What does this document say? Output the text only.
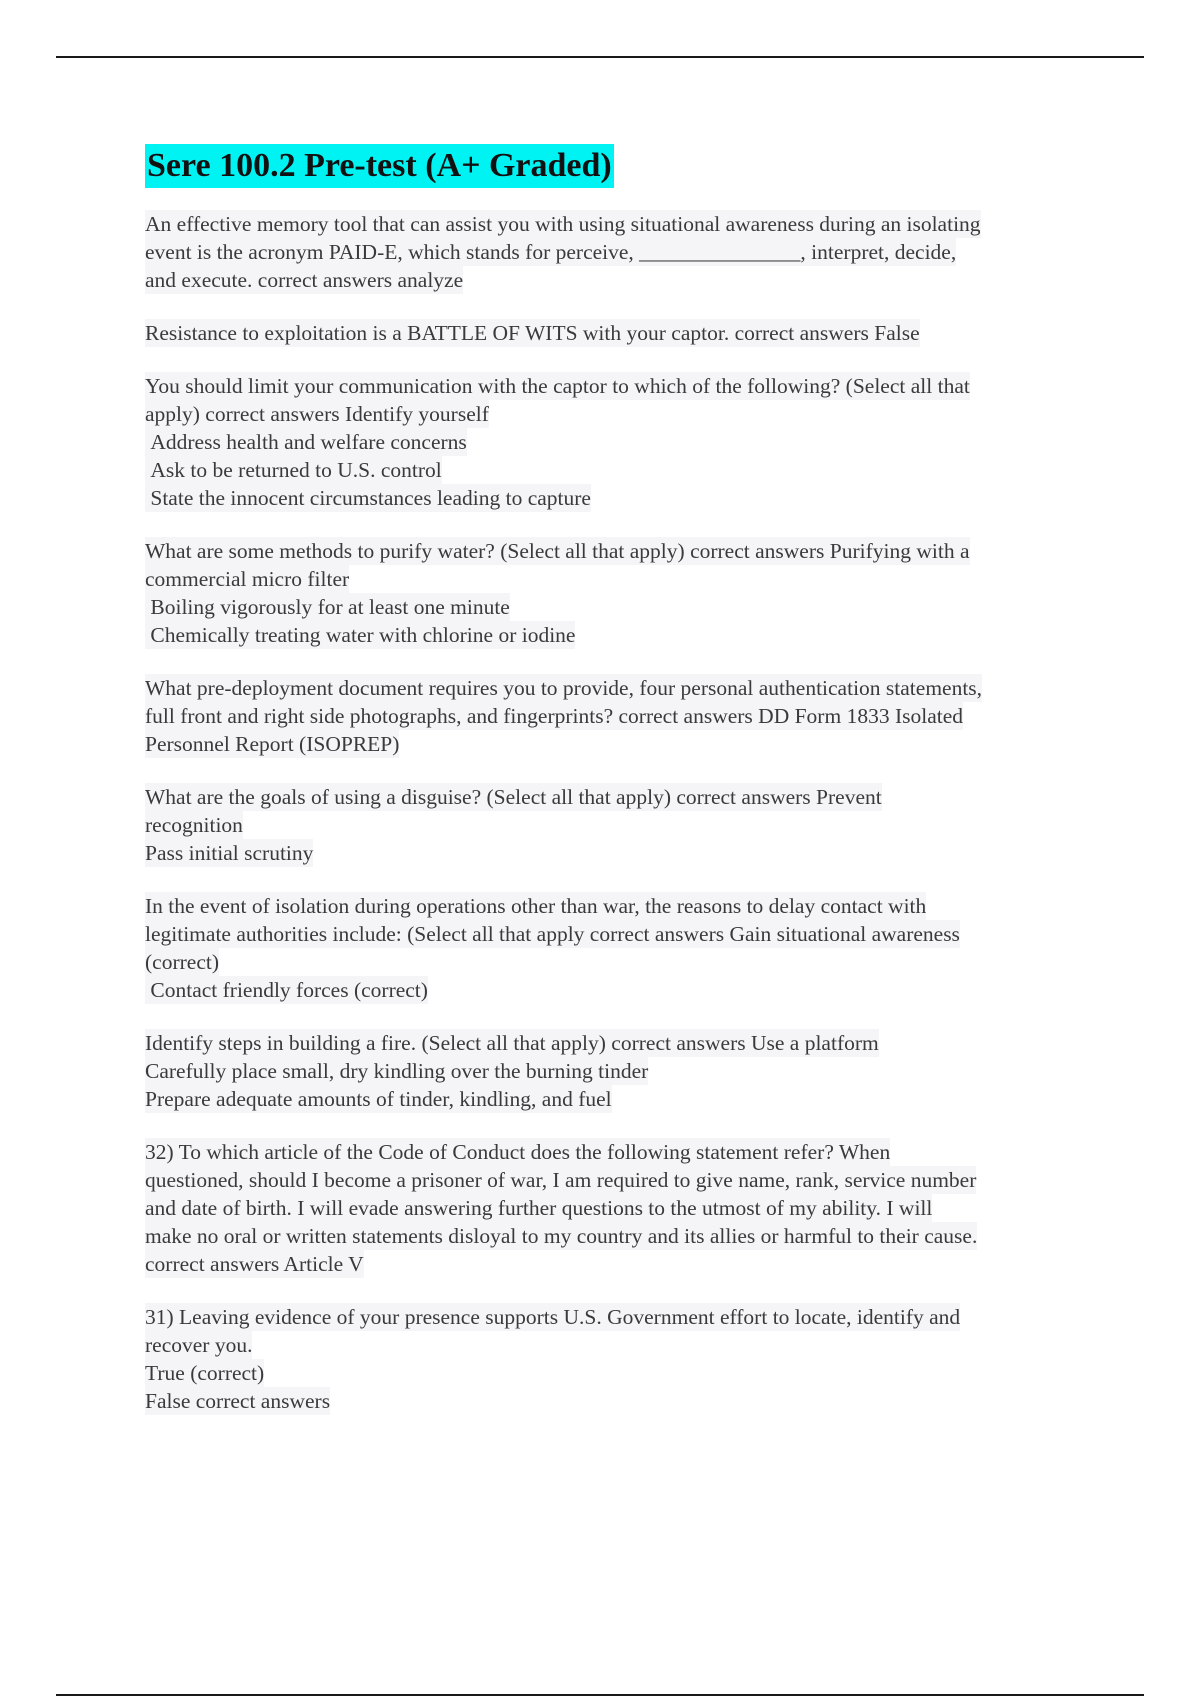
Sere 100.2 Pre-test (A+ Graded)
An effective memory tool that can assist you with using situational awareness during an isolating
event is the acronym PAID-E, which stands for perceive, _______________, interpret, decide,
and execute. correct answers analyze
Resistance to exploitation is a BATTLE OF WITS with your captor. correct answers False
You should limit your communication with the captor to which of the following? (Select all that
apply) correct answers Identify yourself
Address health and welfare concerns
Ask to be returned to U.S. control
State the innocent circumstances leading to capture
What are some methods to purify water? (Select all that apply) correct answers Purifying with a
commercial micro filter
Boiling vigorously for at least one minute
Chemically treating water with chlorine or iodine
What pre-deployment document requires you to provide, four personal authentication statements,
full front and right side photographs, and fingerprints? correct answers DD Form 1833 Isolated
Personnel Report (ISOPREP)
What are the goals of using a disguise? (Select all that apply) correct answers Prevent
recognition
Pass initial scrutiny
In the event of isolation during operations other than war, the reasons to delay contact with
legitimate authorities include: (Select all that apply correct answers Gain situational awareness
(correct)
Contact friendly forces (correct)
Identify steps in building a fire. (Select all that apply) correct answers Use a platform
Carefully place small, dry kindling over the burning tinder
Prepare adequate amounts of tinder, kindling, and fuel
32) To which article of the Code of Conduct does the following statement refer? When
questioned, should I become a prisoner of war, I am required to give name, rank, service number
and date of birth. I will evade answering further questions to the utmost of my ability. I will
make no oral or written statements disloyal to my country and its allies or harmful to their cause.
correct answers Article V
31) Leaving evidence of your presence supports U.S. Government effort to locate, identify and
recover you.
True (correct)
False correct answers
